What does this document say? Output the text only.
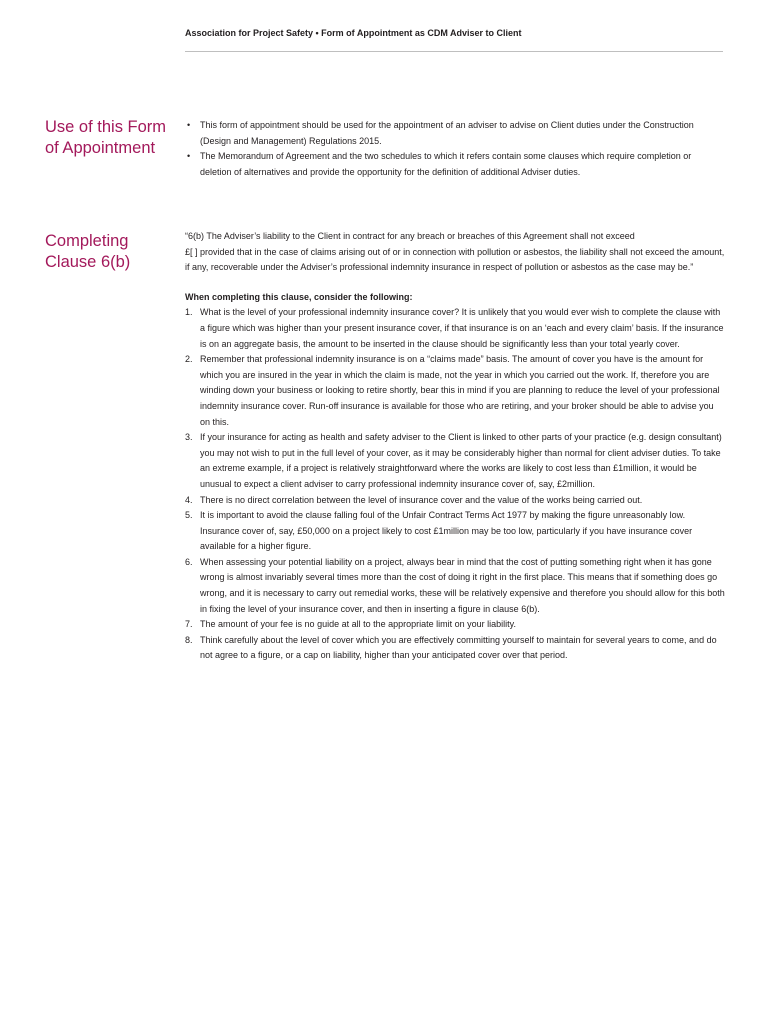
Association for Project Safety • Form of Appointment as CDM Adviser to Client
Use of this Form of Appointment
• This form of appointment should be used for the appointment of an adviser to advise on Client duties under the Construction (Design and Management) Regulations 2015.
• The Memorandum of Agreement and the two schedules to which it refers contain some clauses which require completion or deletion of alternatives and provide the opportunity for the definition of additional Adviser duties.
Completing Clause 6(b)

“6(b) The Adviser’s liability to the Client in contract for any breach or breaches of this Agreement shall not exceed
£[ ] provided that in the case of claims arising out of or in connection with pollution or asbestos, the liability shall not exceed the amount, if any, recoverable under the Adviser’s professional indemnity insurance in respect of pollution or asbestos as the case may be.”

When completing this clause, consider the following:

1. What is the level of your professional indemnity insurance cover? It is unlikely that you would ever wish to complete the clause with a figure which was higher than your present insurance cover, if that insurance is on an ‘each and every claim’ basis. If the insurance is on an aggregate basis, the amount to be inserted in the clause should be significantly less than your total yearly cover.
2. Remember that professional indemnity insurance is on a “claims made” basis. The amount of cover you have is the amount for which you are insured in the year in which the claim is made, not the year in which you carried out the work. If, therefore you are winding down your business or looking to retire shortly, bear this in mind if you are planning to reduce the level of your professional indemnity insurance cover. Run-off insurance is available for those who are retiring, and your broker should be able to advise you on this.
3. If your insurance for acting as health and safety adviser to the Client is linked to other parts of your practice (e.g. design consultant) you may not wish to put in the full level of your cover, as it may be considerably higher than normal for client adviser duties. To take an extreme example, if a project is relatively straightforward where the works are likely to cost less than £1million, it would be unusual to expect a client adviser to carry professional indemnity insurance cover of, say, £2million.
4. There is no direct correlation between the level of insurance cover and the value of the works being carried out.
5. It is important to avoid the clause falling foul of the Unfair Contract Terms Act 1977 by making the figure unreasonably low. Insurance cover of, say, £50,000 on a project likely to cost £1million may be too low, particularly if you have insurance cover available for a higher figure.
6. When assessing your potential liability on a project, always bear in mind that the cost of putting something right when it has gone wrong is almost invariably several times more than the cost of doing it right in the first place. This means that if something does go wrong, and it is necessary to carry out remedial works, these will be relatively expensive and therefore you should allow for this both in fixing the level of your insurance cover, and then in inserting a figure in clause 6(b).
7. The amount of your fee is no guide at all to the appropriate limit on your liability.
8. Think carefully about the level of cover which you are effectively committing yourself to maintain for several years to come, and do not agree to a figure, or a cap on liability, higher than your anticipated cover over that period.
